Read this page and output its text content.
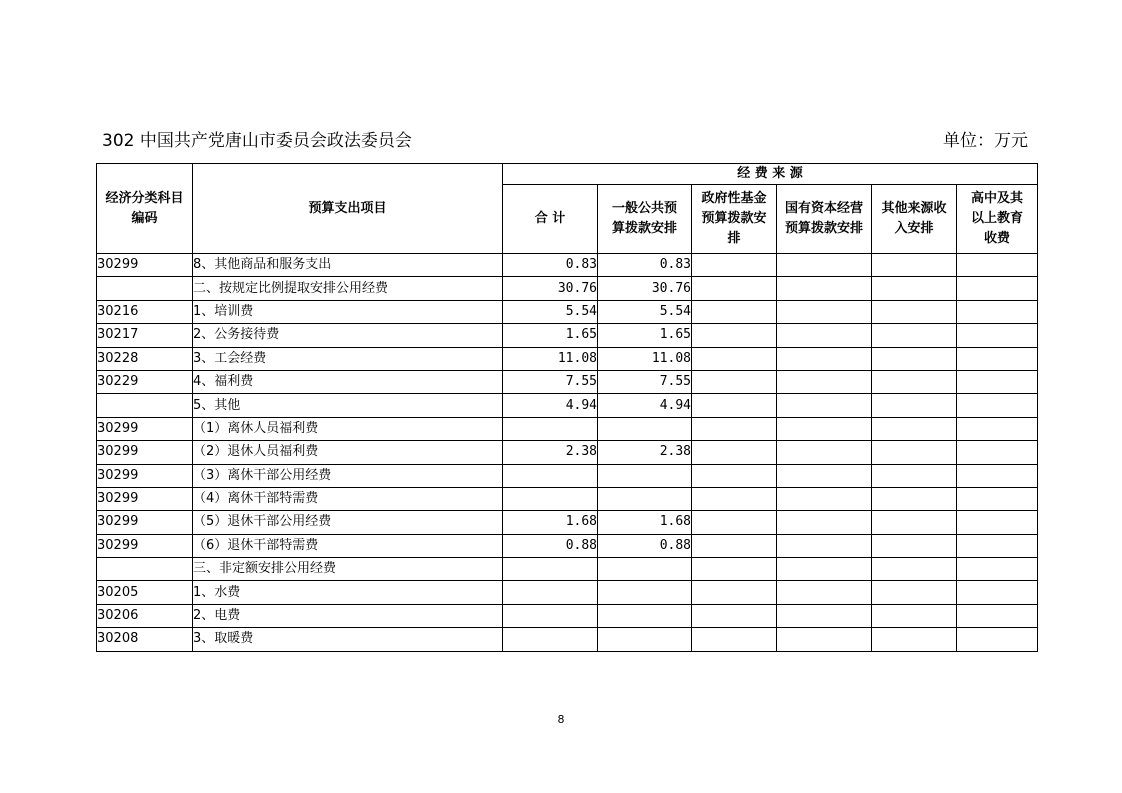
302 中国共产党唐山市委员会政法委员会	单位：万元
经济分类科目编码	预算支出项目	经 费 来 源					
		合 计	一般公共预算拨款安排	政府性基金预算拨款安排	国有资本经营预算拨款安排	其他来源收入安排	高中及其以上教育收费
30299	8、其他商品和服务支出	0.83	0.83				
	二、按规定比例提取安排公用经费	30.76	30.76				
30216	1、培训费	5.54	5.54				
30217	2、公务接待费	1.65	1.65				
30228	3、工会经费	11.08	11.08				
30229	4、福利费	7.55	7.55				
	5、其他	4.94	4.94				
30299	（1）离休人员福利费						
30299	（2）退休人员福利费	2.38	2.38				
30299	（3）离休干部公用经费						
30299	（4）离休干部特需费						
30299	（5）退休干部公用经费	1.68	1.68				
30299	（6）退休干部特需费	0.88	0.88				
	三、非定额安排公用经费						
30205	1、水费						
30206	2、电费						
30208	3、取暖费						
8
